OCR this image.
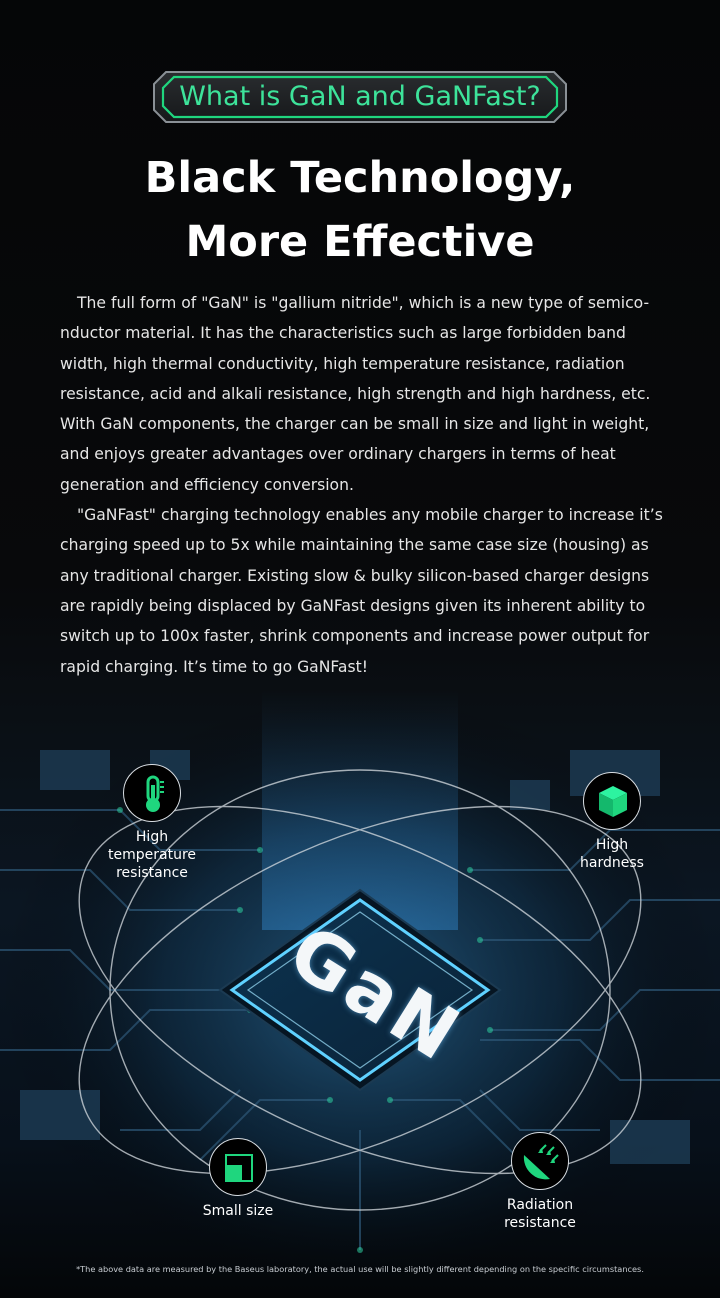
What is GaN and GaNFast?
Black Technology,
More Effective

The full form of "GaN" is "gallium nitride", which is a new type of semico-nductor material. It has the characteristics such as large forbidden band width, high thermal conductivity, high temperature resistance, radiation resistance, acid and alkali resistance, high strength and high hardness, etc. With GaN components, the charger can be small in size and light in weight, and enjoys greater advantages over ordinary chargers in terms of heat generation and efficiency conversion.

"GaNFast" charging technology enables any mobile charger to increase it’s charging speed up to 5x while maintaining the same case size (housing) as any traditional charger. Existing slow & bulky silicon-based charger designs are rapidly being displaced by GaNFast designs given its inherent ability to switch up to 100x faster, shrink components and increase power output for rapid charging. It’s time to go GaNFast!

GaN
High
temperature
resistance
High
hardness
Small size	Radiation
resistance
*The above data are measured by the Baseus laboratory, the actual use will be slightly different depending on the specific circumstances.
